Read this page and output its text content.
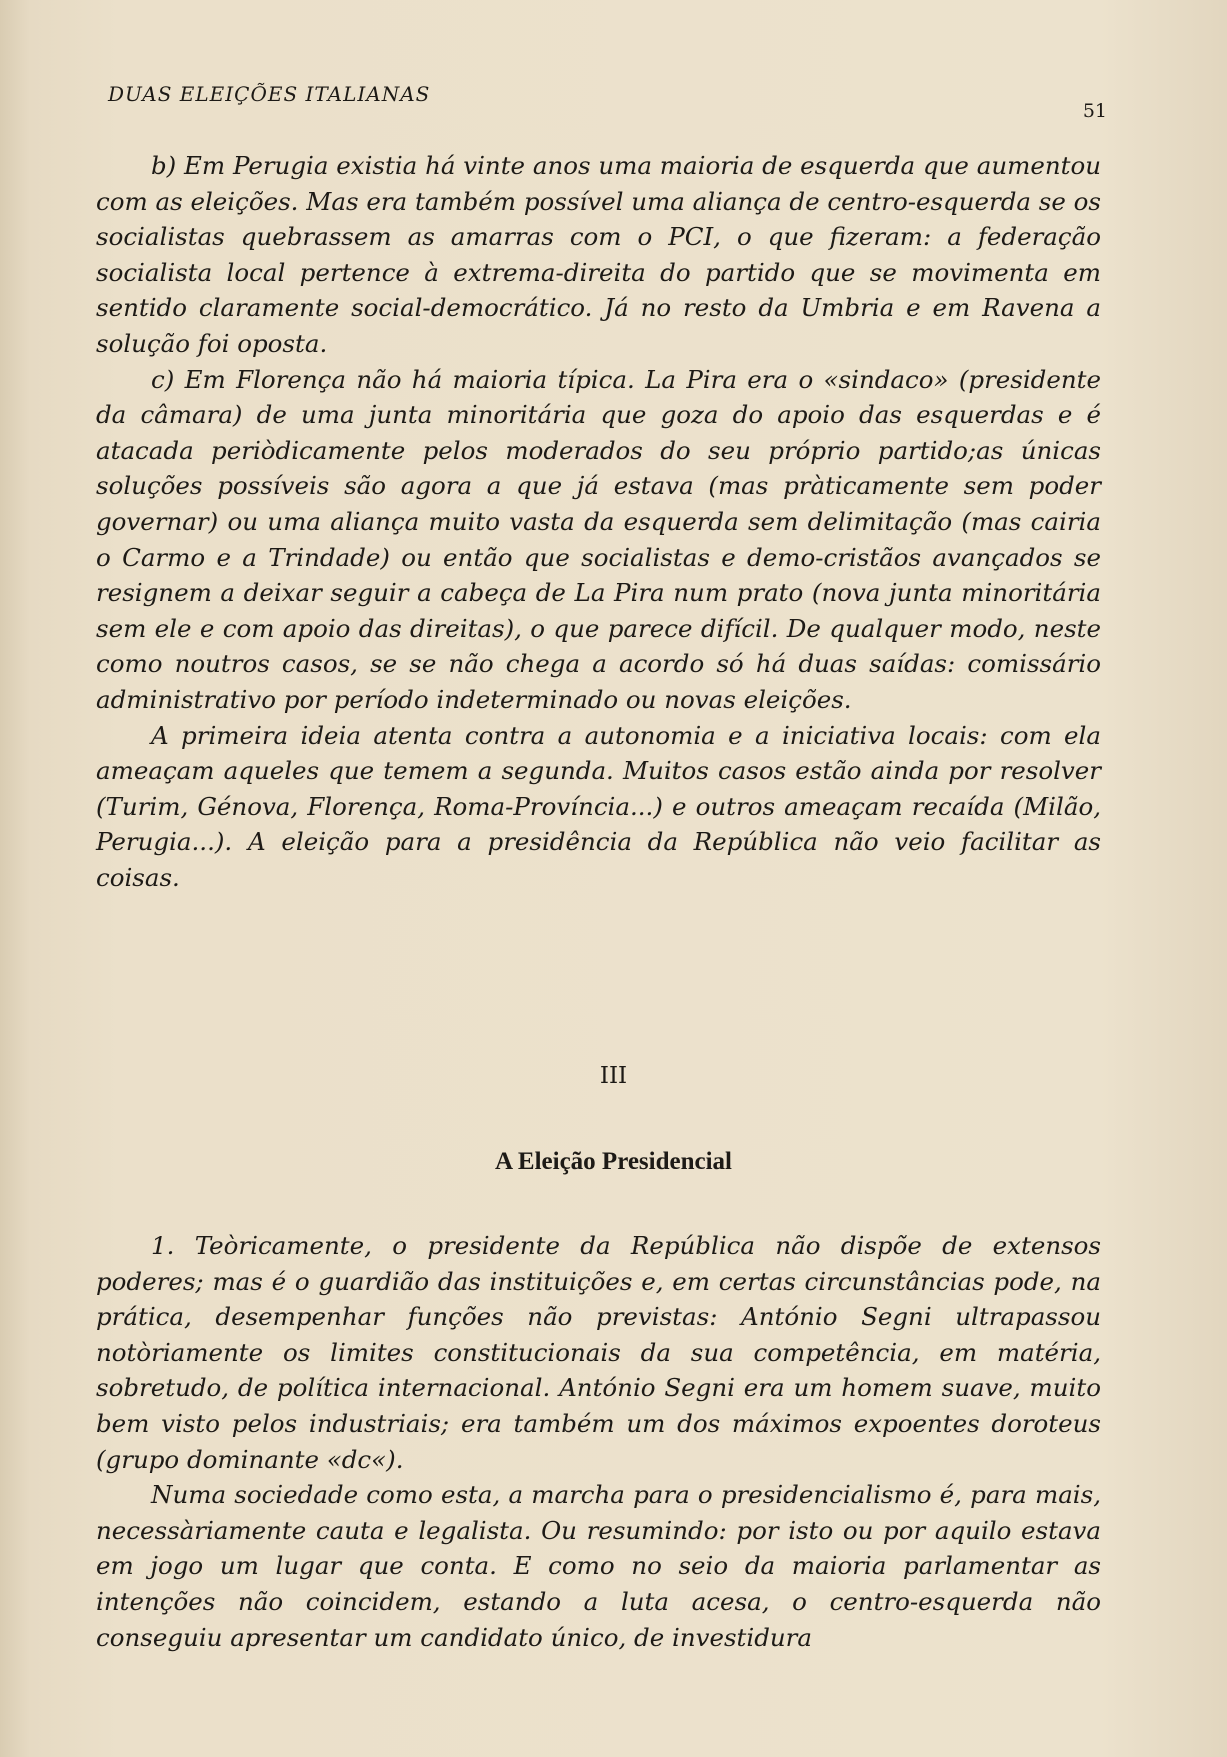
DUAS ELEIÇÕES ITALIANAS
51

b) Em Perugia existia há vinte anos uma maioria de esquerda que aumentou com as eleições. Mas era também possível uma aliança de centro-esquerda se os socialistas quebrassem as amarras com o PCI, o que fizeram: a federação socialista local pertence à extrema-direita do partido que se movimenta em sentido claramente social-democrático. Já no resto da Umbria e em Ravena a solução foi oposta.

c) Em Florença não há maioria típica. La Pira era o «sindaco» (presidente da câmara) de uma junta minoritária que goza do apoio das esquerdas e é atacada periòdicamente pelos moderados do seu próprio partido;as únicas soluções possíveis são agora a que já estava (mas pràticamente sem poder governar) ou uma aliança muito vasta da esquerda sem delimitação (mas cairia o Carmo e a Trindade) ou então que socialistas e demo-cristãos avançados se resignem a deixar seguir a cabeça de La Pira num prato (nova junta minoritária sem ele e com apoio das direitas), o que parece difícil. De qualquer modo, neste como noutros casos, se se não chega a acordo só há duas saídas: comissário administrativo por período indeterminado ou novas eleições.

A primeira ideia atenta contra a autonomia e a iniciativa locais: com ela ameaçam aqueles que temem a segunda. Muitos casos estão ainda por resolver (Turim, Génova, Florença, Roma-Província...) e outros ameaçam recaída (Milão, Perugia...). A eleição para a presidência da República não veio facilitar as coisas.

III
A Eleição Presidencial

1. Teòricamente, o presidente da República não dispõe de extensos poderes; mas é o guardião das instituições e, em certas circunstâncias pode, na prática, desempenhar funções não previstas: António Segni ultrapassou notòriamente os limites constitucionais da sua competência, em matéria, sobretudo, de política internacional. António Segni era um homem suave, muito bem visto pelos industriais; era também um dos máximos expoentes doroteus (grupo dominante «dc«).

Numa sociedade como esta, a marcha para o presidencialismo é, para mais, necessàriamente cauta e legalista. Ou resumindo: por isto ou por aquilo estava em jogo um lugar que conta. E como no seio da maioria parlamentar as intenções não coincidem, estando a luta acesa, o centro-esquerda não conseguiu apresentar um candidato único, de investidura
